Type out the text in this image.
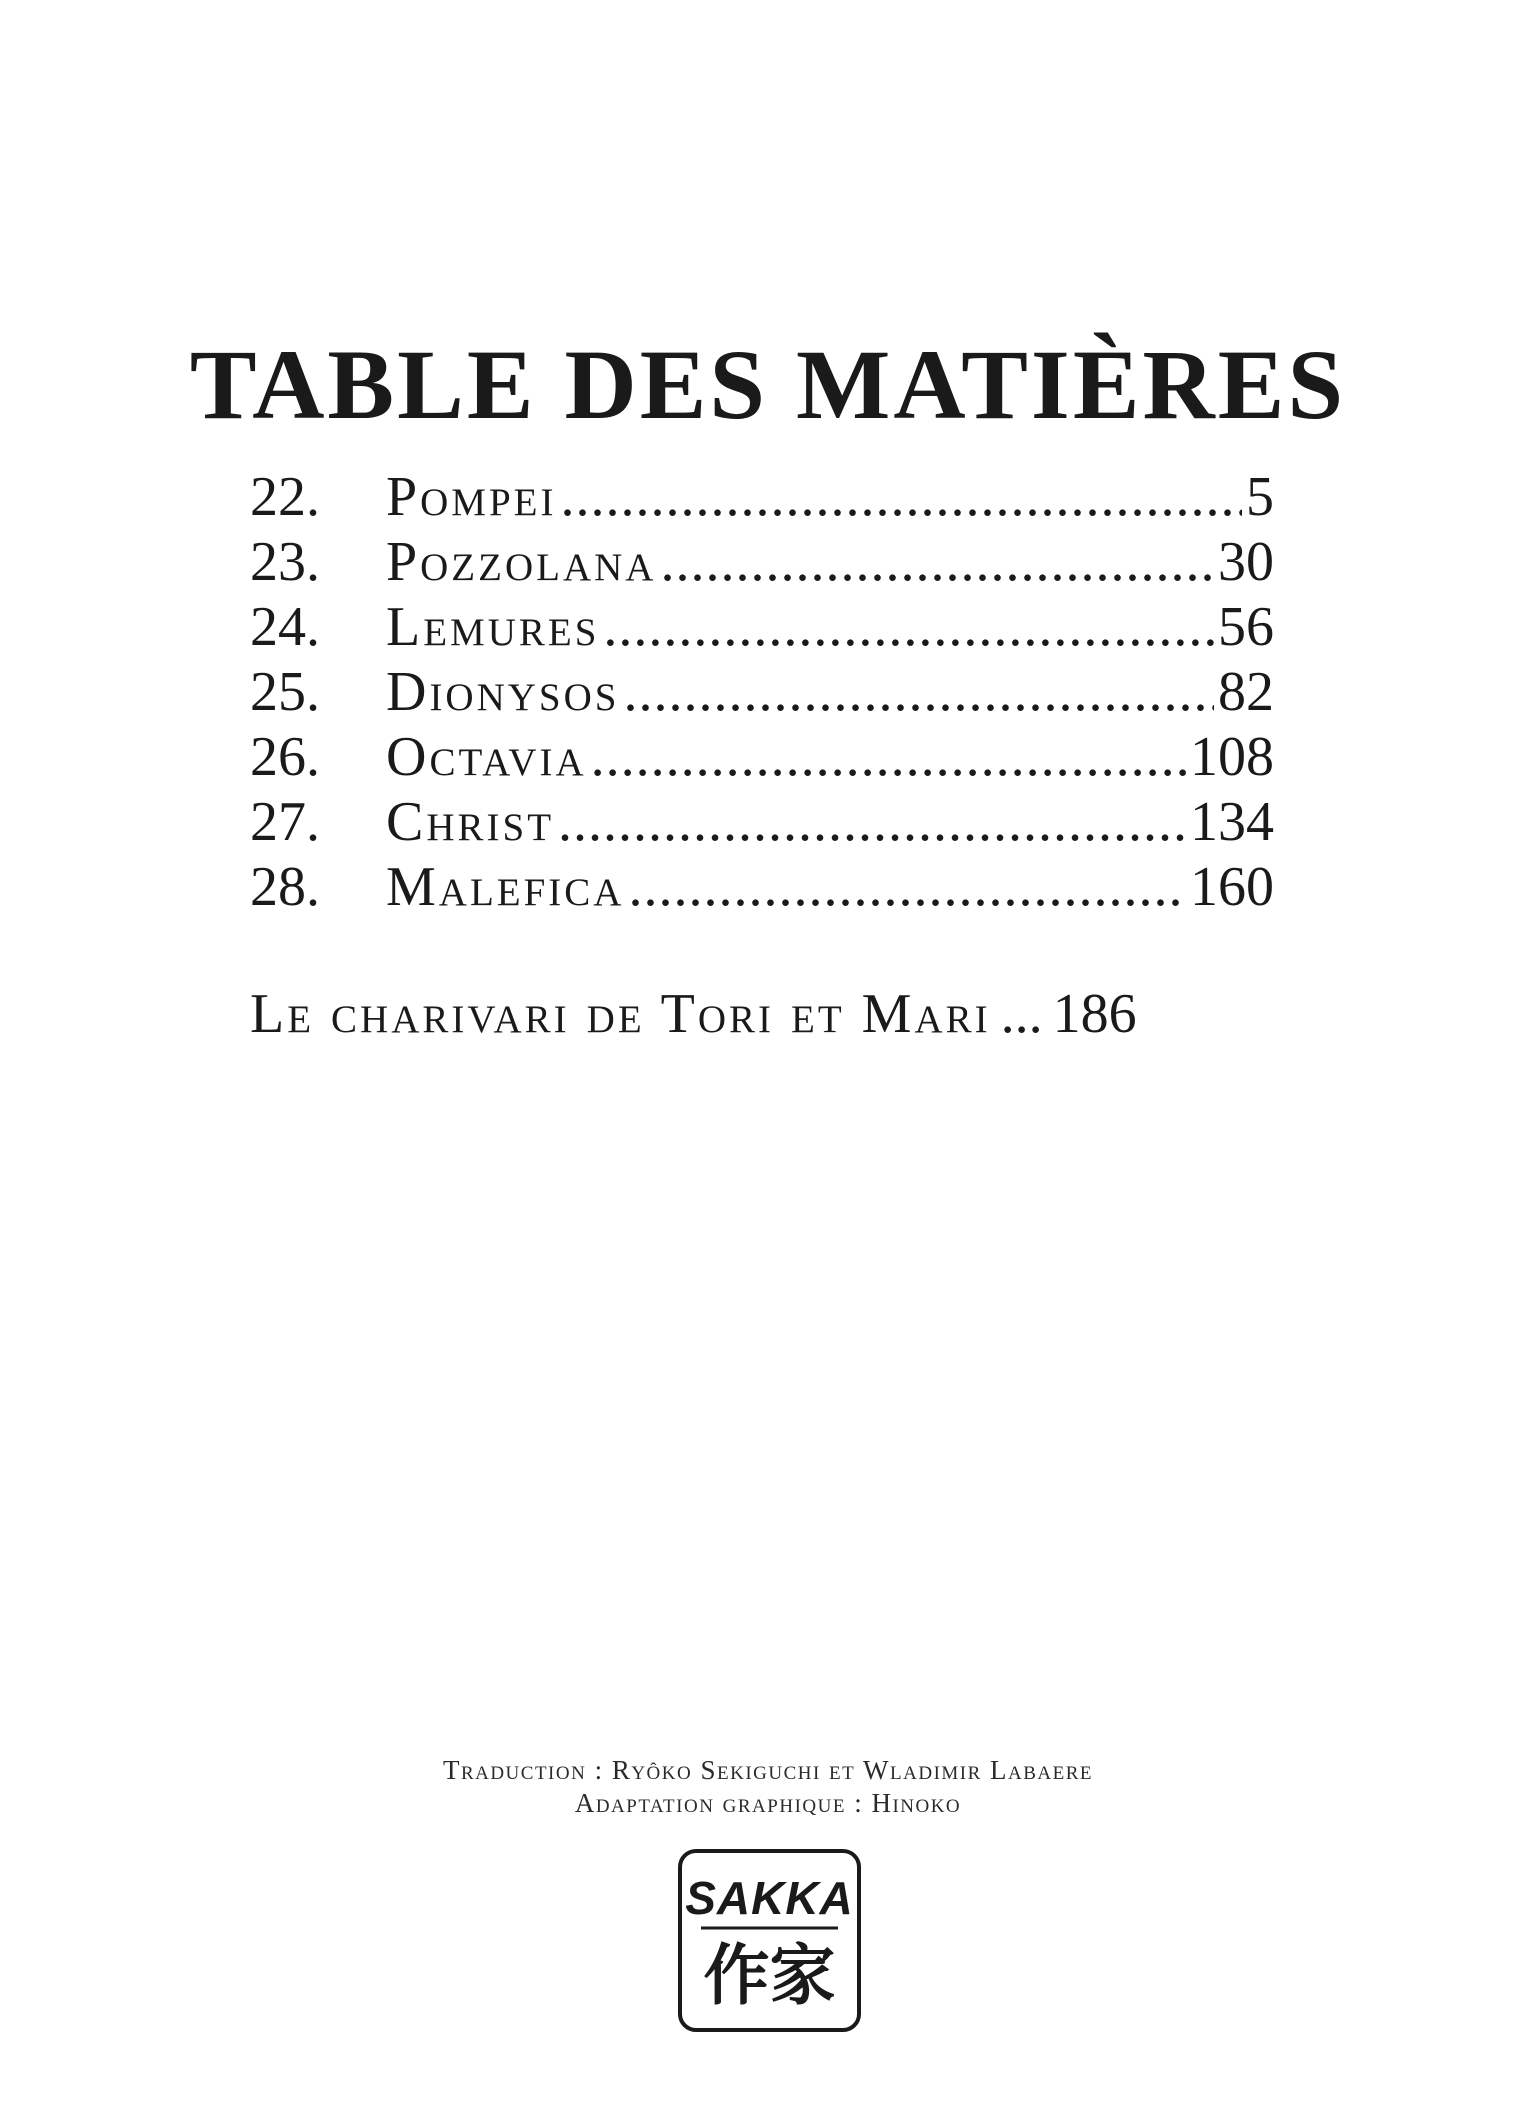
TABLE DES MATIÈRES
22.	Pompei .....	5
23.	Pozzolana .....	30
24.	Lemures .....	56
25.	Dionysos .....	82
26.	Octavia .....	108
27.	Christ .....	134
28.	Malefica .....	160
Le charivari de Tori et Mari ... 186
Traduction : Ryôko Sekiguchi et Wladimir Labaere
Adaptation graphique : Hinoko
SAKKA
作家
